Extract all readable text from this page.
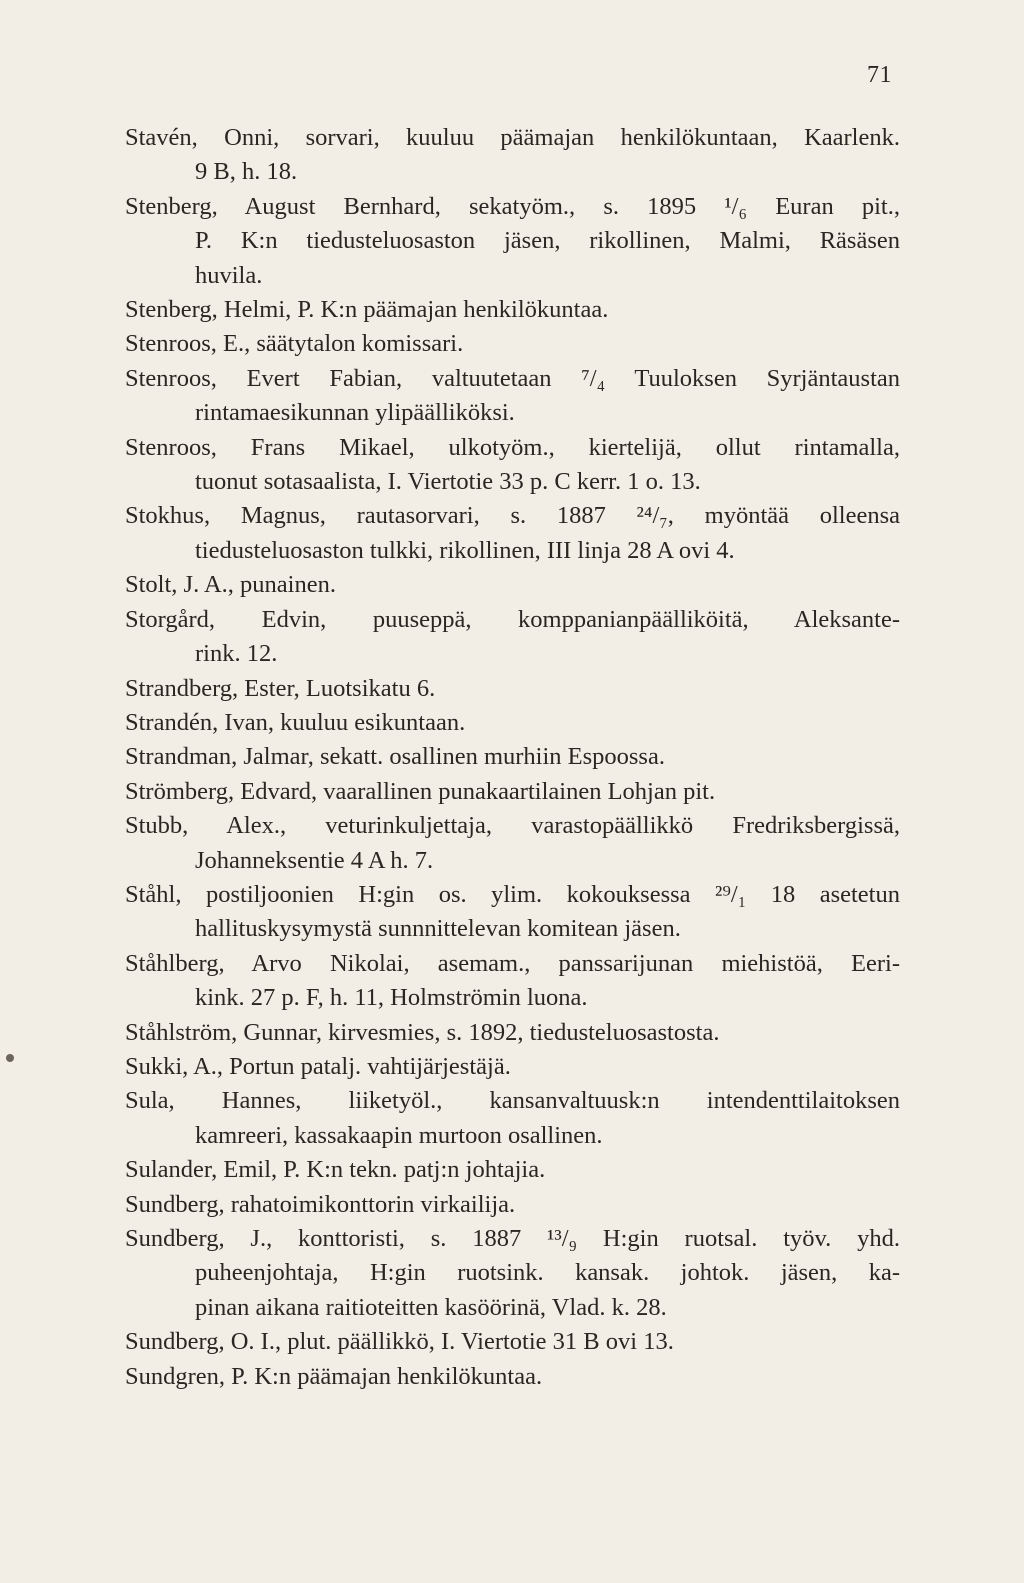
71
Stavén, Onni, sorvari, kuuluu päämajan henkilökuntaan, Kaarlenk.
9 B, h. 18.
Stenberg, August Bernhard, sekatyöm., s. 1895 ¹/₆ Euran pit.,
P. K:n tiedusteluosaston jäsen, rikollinen, Malmi, Räsäsen
huvila.
Stenberg, Helmi, P. K:n päämajan henkilökuntaa.
Stenroos, E., säätytalon komissari.
Stenroos, Evert Fabian, valtuutetaan ⁷/₄ Tuuloksen Syrjäntaustan
rintamaesikunnan ylipäälliköksi.
Stenroos, Frans Mikael, ulkotyöm., kiertelijä, ollut rintamalla,
tuonut sotasaalista, I. Viertotie 33 p. C kerr. 1 o. 13.
Stokhus, Magnus, rautasorvari, s. 1887 ²⁴/₇, myöntää olleensa
tiedusteluosaston tulkki, rikollinen, III linja 28 A ovi 4.
Stolt, J. A., punainen.
Storgård, Edvin, puuseppä, komppanianpäälliköitä, Aleksante-
rink. 12.
Strandberg, Ester, Luotsikatu 6.
Strandén, Ivan, kuuluu esikuntaan.
Strandman, Jalmar, sekatt. osallinen murhiin Espoossa.
Strömberg, Edvard, vaarallinen punakaartilainen Lohjan pit.
Stubb, Alex., veturinkuljettaja, varastopäällikkö Fredriksbergissä,
Johanneksentie 4 A h. 7.
Ståhl, postiljoonien H:gin os. ylim. kokouksessa ²⁹/₁ 18 asetetun
hallituskysymystä sunnnittelevan komitean jäsen.
Ståhlberg, Arvo Nikolai, asemam., panssarijunan miehistöä, Eeri-
kink. 27 p. F, h. 11, Holmströmin luona.
Ståhlström, Gunnar, kirvesmies, s. 1892, tiedusteluosastosta.
Sukki, A., Portun patalj. vahtijärjestäjä.
Sula, Hannes, liiketyöl., kansanvaltuusk:n intendenttilaitoksen
kamreeri, kassakaapin murtoon osallinen.
Sulander, Emil, P. K:n tekn. patj:n johtajia.
Sundberg, rahatoimikonttorin virkailija.
Sundberg, J., konttoristi, s. 1887 ¹³/₉ H:gin ruotsal. työv. yhd.
puheenjohtaja, H:gin ruotsink. kansak. johtok. jäsen, ka-
pinan aikana raitioteitten kasöörinä, Vlad. k. 28.
Sundberg, O. I., plut. päällikkö, I. Viertotie 31 B ovi 13.
Sundgren, P. K:n päämajan henkilökuntaa.
